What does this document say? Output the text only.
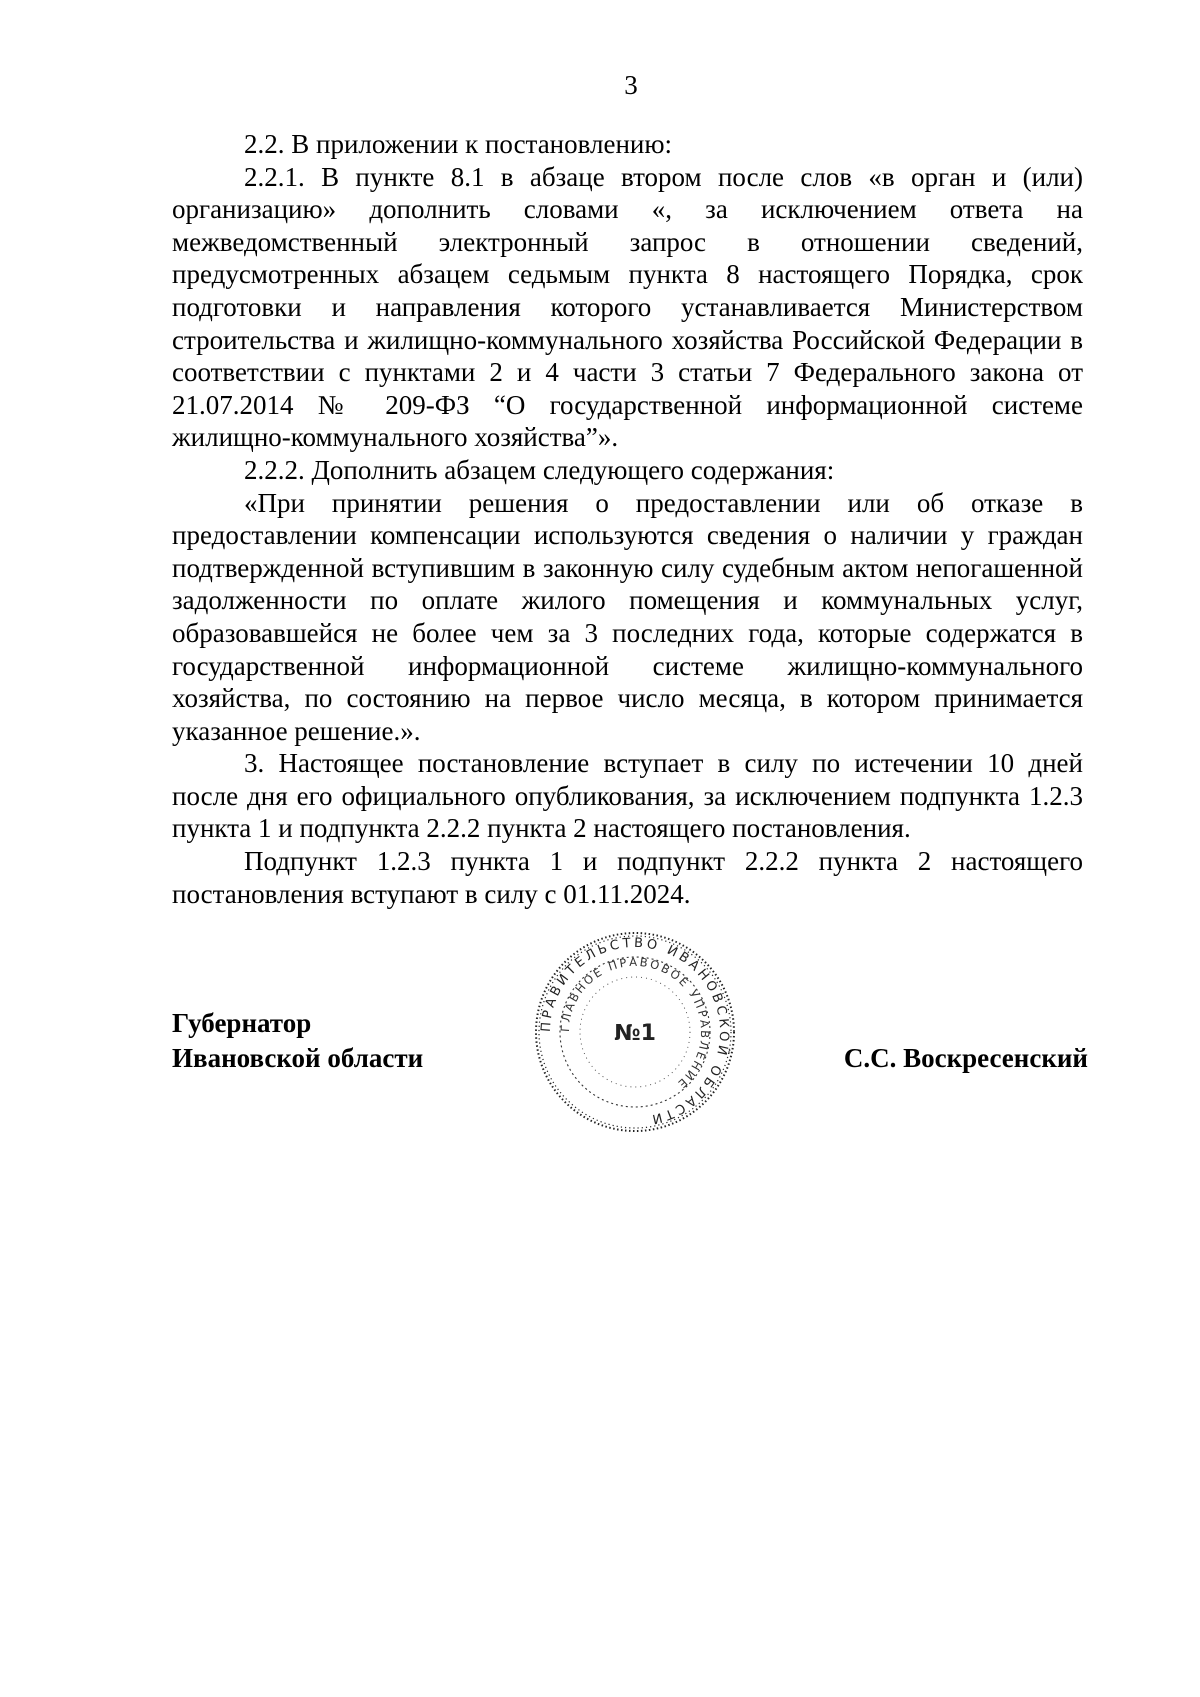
3

2.2. В приложении к постановлению:

2.2.1. В пункте 8.1 в абзаце втором после слов «в орган и (или) организацию» дополнить словами «, за исключением ответа на межведомственный электронный запрос в отношении сведений, предусмотренных абзацем седьмым пункта 8 настоящего Порядка, срок подготовки и направления которого устанавливается Министерством строительства и жилищно-коммунального хозяйства Российской Федерации в соответствии с пунктами 2 и 4 части 3 статьи 7 Федерального закона от 21.07.2014 № 209-ФЗ “О государственной информационной системе жилищно-коммунального хозяйства”».

2.2.2. Дополнить абзацем следующего содержания:

«При принятии решения о предоставлении или об отказе в предоставлении компенсации используются сведения о наличии у граждан подтвержденной вступившим в законную силу судебным актом непогашенной задолженности по оплате жилого помещения и коммунальных услуг, образовавшейся не более чем за 3 последних года, которые содержатся в государственной информационной системе жилищно-коммунального хозяйства, по состоянию на первое число месяца, в котором принимается указанное решение.».

3. Настоящее постановление вступает в силу по истечении 10 дней после дня его официального опубликования, за исключением подпункта 1.2.3 пункта 1 и подпункта 2.2.2 пункта 2 настоящего постановления.

Подпункт 1.2.3 пункта 1 и подпункт 2.2.2 пункта 2 настоящего постановления вступают в силу с 01.11.2024.

Губернатор
Ивановской области
ПРАВИТЕЛЬСТВО ИВАНОВСКОЙ ОБЛАСТИ
ГЛАВНОЕ ПРАВОВОЕ УПРАВЛЕНИЕ
№1
С.С. Воскресенский
